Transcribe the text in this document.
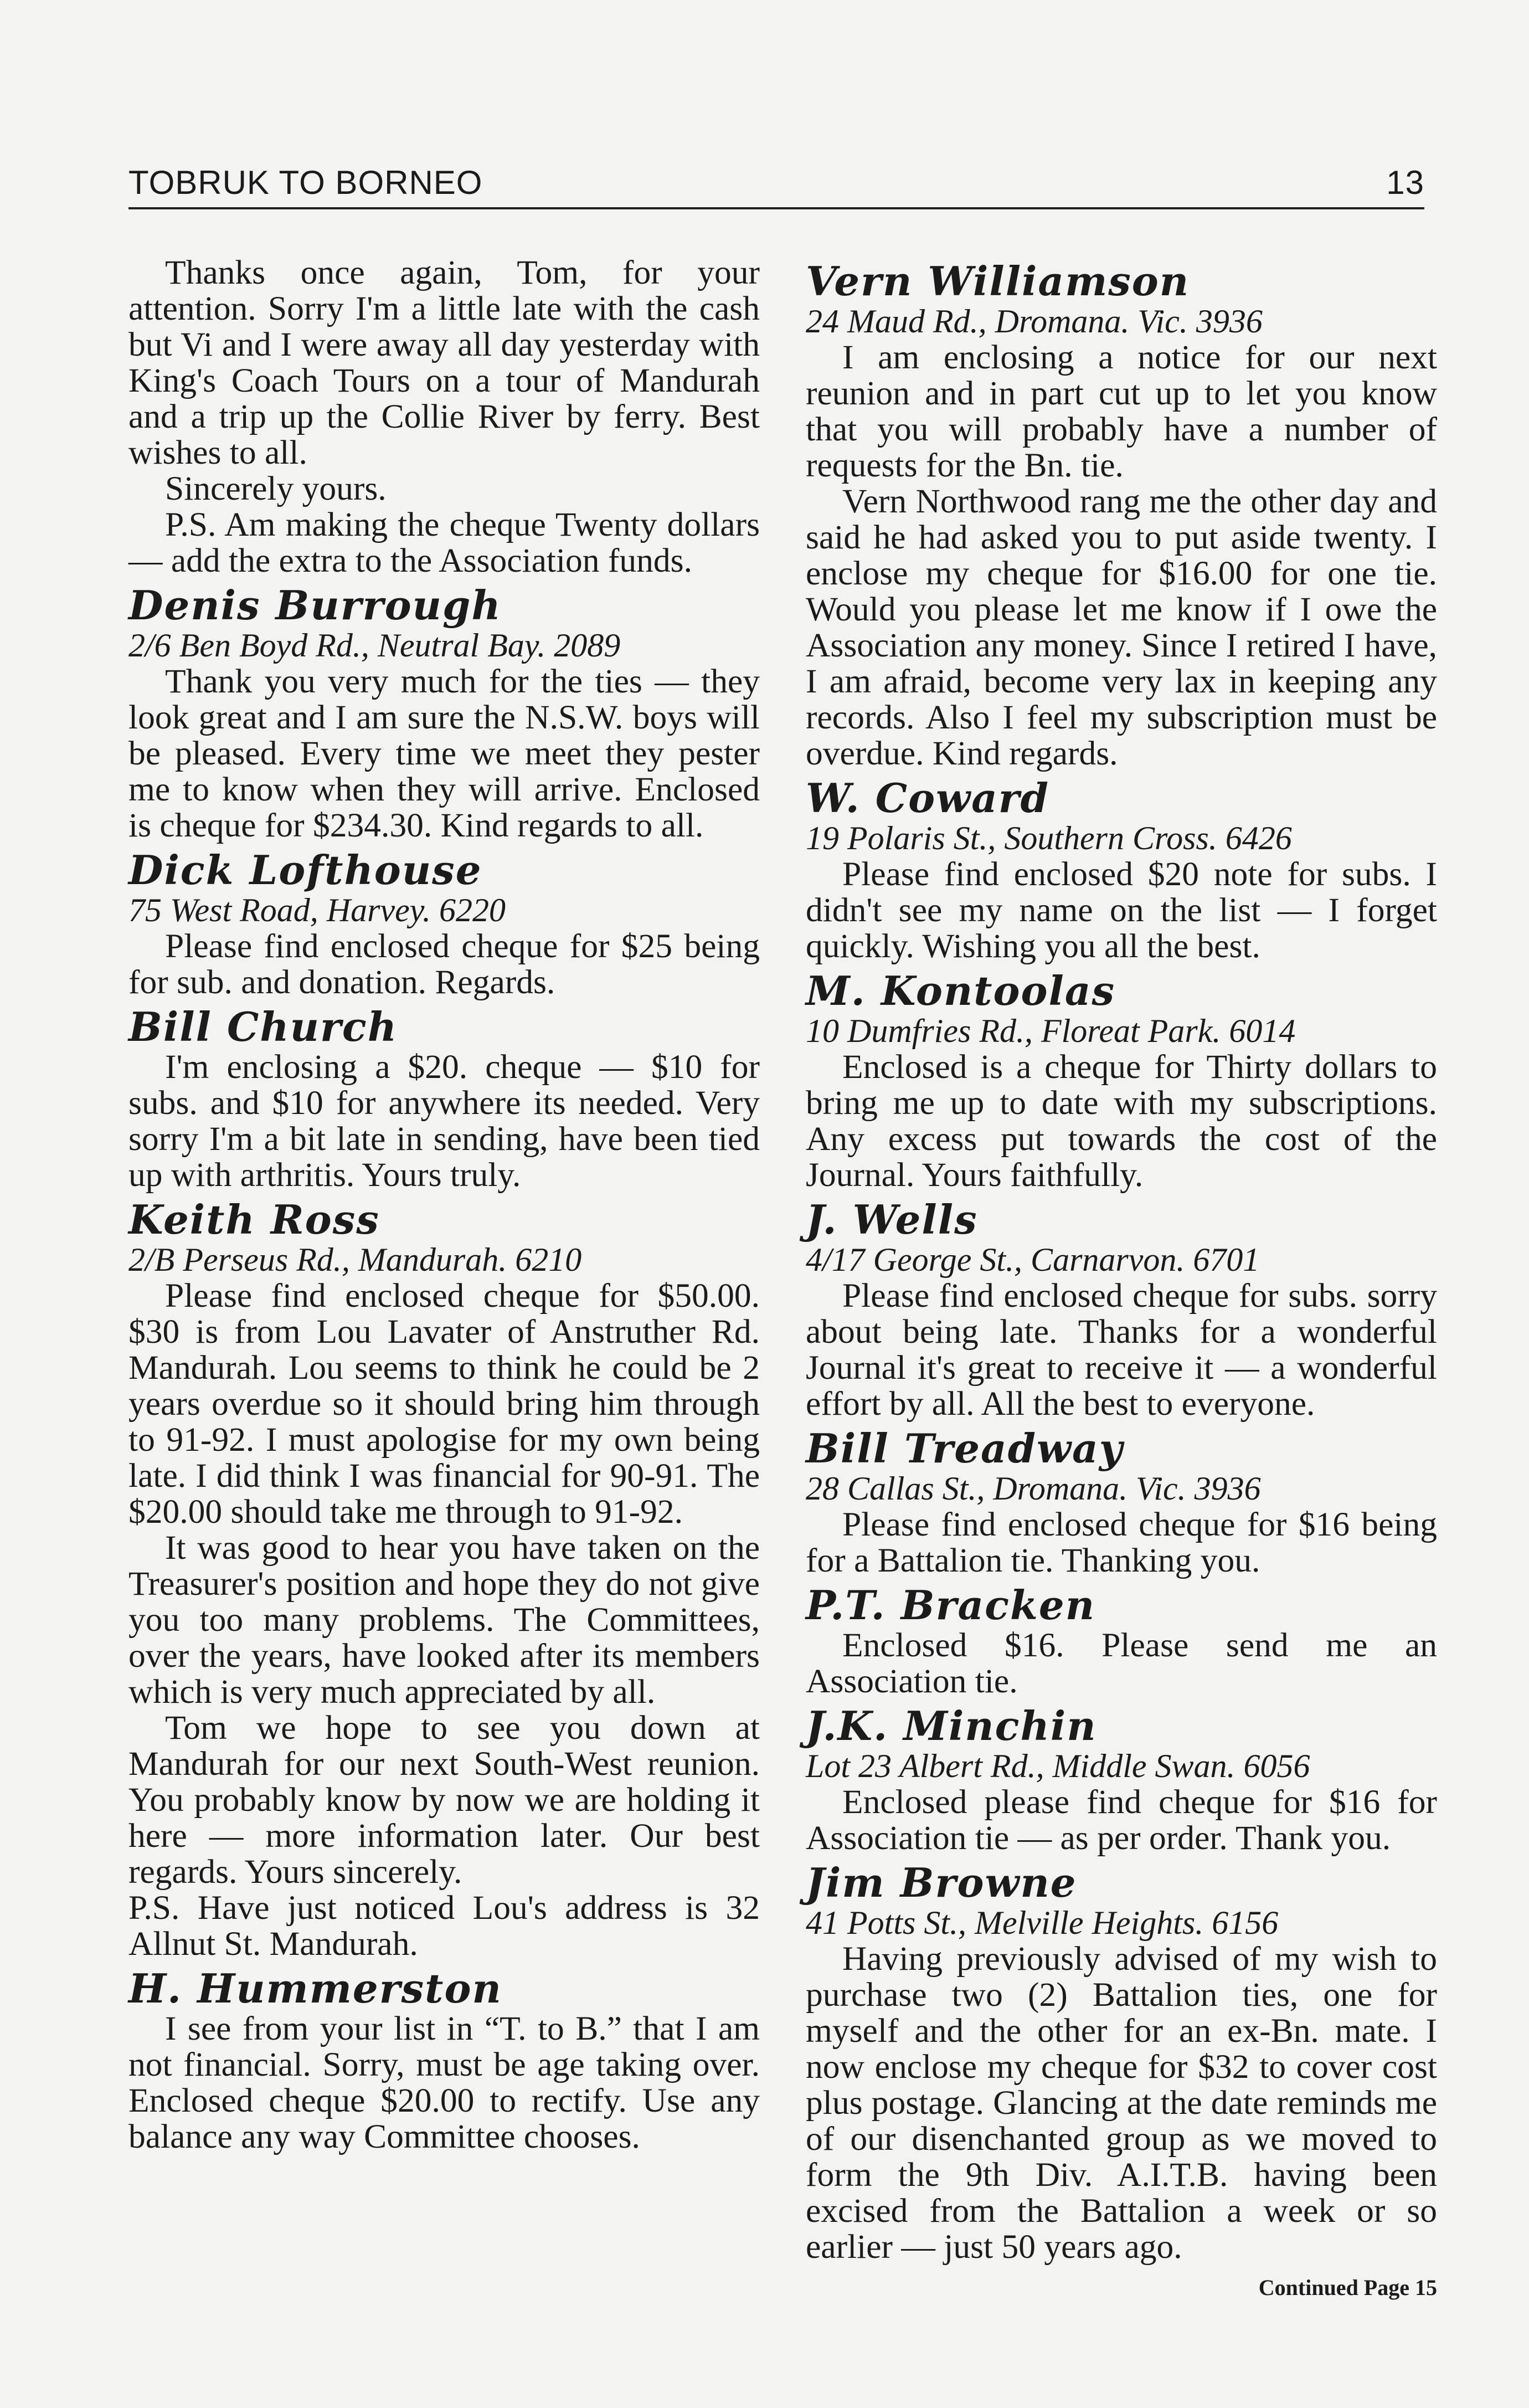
TOBRUK TO BORNEO	13

Thanks once again, Tom, for your attention. Sorry I'm a little late with the cash but Vi and I were away all day yesterday with King's Coach Tours on a tour of Mandurah and a trip up the Collie River by ferry. Best wishes to all.

Sincerely yours.

P.S. Am making the cheque Twenty dollars — add the extra to the Association funds.

Denis Burrough
2/6 Ben Boyd Rd., Neutral Bay. 2089

Thank you very much for the ties — they look great and I am sure the N.S.W. boys will be pleased. Every time we meet they pester me to know when they will arrive. Enclosed is cheque for $234.30. Kind regards to all.

Dick Lofthouse
75 West Road, Harvey. 6220

Please find enclosed cheque for $25 being for sub. and donation. Regards.

Bill Church

I'm enclosing a $20. cheque — $10 for subs. and $10 for anywhere its needed. Very sorry I'm a bit late in sending, have been tied up with arthritis. Yours truly.

Keith Ross
2/B Perseus Rd., Mandurah. 6210

Please find enclosed cheque for $50.00. $30 is from Lou Lavater of Anstruther Rd. Mandurah. Lou seems to think he could be 2 years overdue so it should bring him through to 91-92. I must apologise for my own being late. I did think I was financial for 90-91. The $20.00 should take me through to 91-92.

It was good to hear you have taken on the Treasurer's position and hope they do not give you too many problems. The Committees, over the years, have looked after its members which is very much appreciated by all.

Tom we hope to see you down at Mandurah for our next South-West reunion. You probably know by now we are holding it here — more information later. Our best regards. Yours sincerely.

P.S. Have just noticed Lou's address is 32 Allnut St. Mandurah.

H. Hummerston

I see from your list in “T. to B.” that I am not financial. Sorry, must be age taking over. Enclosed cheque $20.00 to rectify. Use any balance any way Committee chooses.

Vern Williamson
24 Maud Rd., Dromana. Vic. 3936

I am enclosing a notice for our next reunion and in part cut up to let you know that you will probably have a number of requests for the Bn. tie.

Vern Northwood rang me the other day and said he had asked you to put aside twenty. I enclose my cheque for $16.00 for one tie. Would you please let me know if I owe the Association any money. Since I retired I have, I am afraid, become very lax in keeping any records. Also I feel my subscription must be overdue. Kind regards.

W. Coward
19 Polaris St., Southern Cross. 6426

Please find enclosed $20 note for subs. I didn't see my name on the list — I forget quickly. Wishing you all the best.

M. Kontoolas
10 Dumfries Rd., Floreat Park. 6014

Enclosed is a cheque for Thirty dollars to bring me up to date with my subscriptions. Any excess put towards the cost of the Journal. Yours faithfully.

J. Wells
4/17 George St., Carnarvon. 6701

Please find enclosed cheque for subs. sorry about being late. Thanks for a wonderful Journal it's great to receive it — a wonderful effort by all. All the best to everyone.

Bill Treadway
28 Callas St., Dromana. Vic. 3936

Please find enclosed cheque for $16 being for a Battalion tie. Thanking you.

P.T. Bracken

Enclosed $16. Please send me an Association tie.

J.K. Minchin
Lot 23 Albert Rd., Middle Swan. 6056

Enclosed please find cheque for $16 for Association tie — as per order. Thank you.

Jim Browne
41 Potts St., Melville Heights. 6156

Having previously advised of my wish to purchase two (2) Battalion ties, one for myself and the other for an ex-Bn. mate. I now enclose my cheque for $32 to cover cost plus postage. Glancing at the date reminds me of our disenchanted group as we moved to form the 9th Div. A.I.T.B. having been excised from the Battalion a week or so earlier — just 50 years ago.

Continued Page 15
